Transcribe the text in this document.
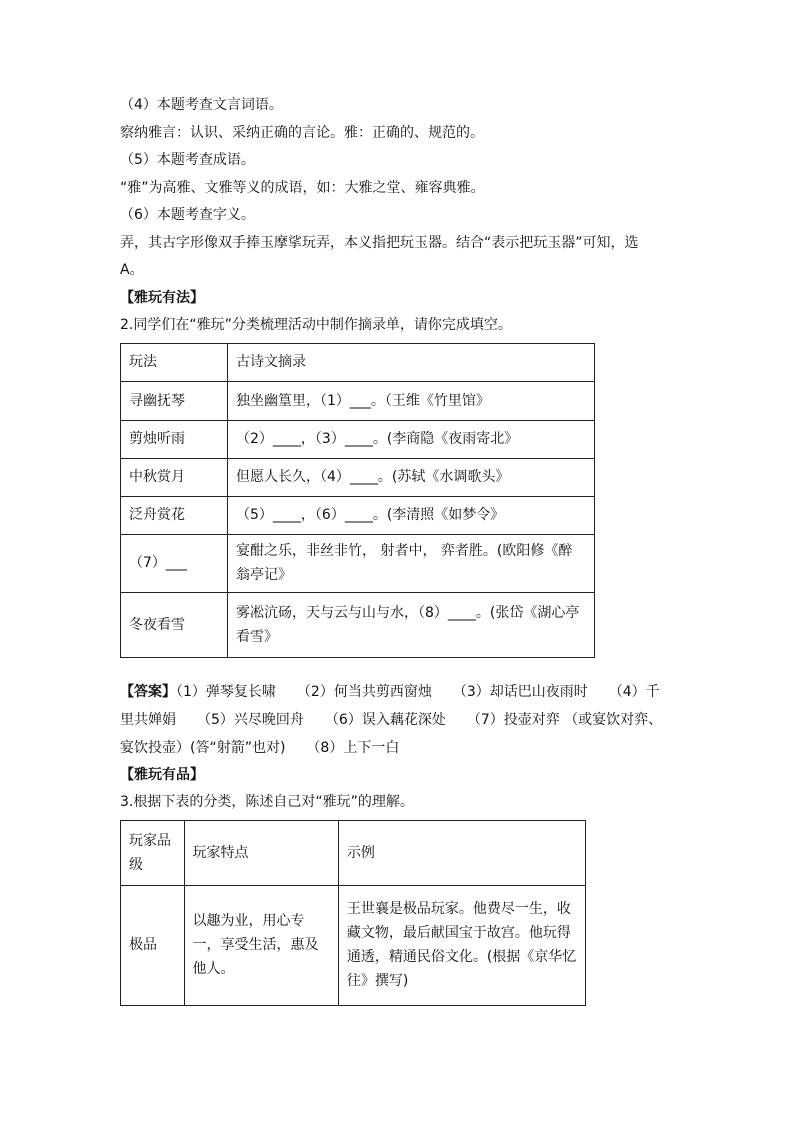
（4）本题考查文言词语。
察纳雅言：认识、采纳正确的言论。雅：正确的、规范的。
（5）本题考查成语。
“雅”为高雅、文雅等义的成语，如：大雅之堂、雍容典雅。
（6）本题考查字义。
弄，其古字形像双手捧玉摩挲玩弄，本义指把玩玉器。结合“表示把玩玉器”可知，选
A。
【雅玩有法】
2.同学们在“雅玩”分类梳理活动中制作摘录单，请你完成填空。
玩法	古诗文摘录
寻幽抚琴	独坐幽篁里，（1）___。（王维《竹里馆》
剪烛听雨	（2）____，（3）____。(李商隐《夜雨寄北》
中秋赏月	但愿人长久，（4）____。(苏轼《水调歌头》
泛舟赏花	（5）____，（6）____。(李清照《如梦令》
（7）___	宴酣之乐，非丝非竹， 射者中， 弈者胜。(欧阳修《醉翁亭记》
冬夜看雪	雾凇沆砀，天与云与山与水，（8）____。(张岱《湖心亭看雪》
【答案】（1）弹琴复长啸　　（2）何当共剪西窗烛　　（3）却话巴山夜雨时　　（4）千
里共婵娟　　（5）兴尽晚回舟　　（6）误入藕花深处　　（7）投壶对弈 （或宴饮对弈、
宴饮投壶）(答“射箭”也对)　　（8）上下一白
【雅玩有品】
3.根据下表的分类，陈述自己对“雅玩”的理解。
玩家品级	玩家特点	示例
极品	以趣为业，用心专一，享受生活，惠及他人。	王世襄是极品玩家。他费尽一生，收藏文物，最后献国宝于故宫。他玩得通透，精通民俗文化。(根据《京华忆往》撰写)
